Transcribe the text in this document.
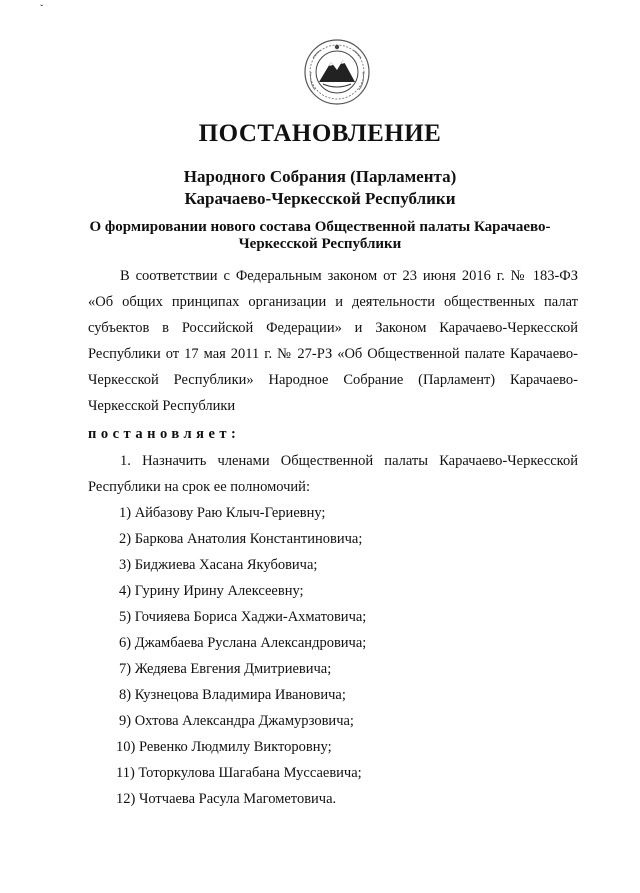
ˇ
ПОСТАНОВЛЕНИЕ
Народного Собрания (Парламента)
Карачаево-Черкесской Республики
О формировании нового состава Общественной палаты Карачаево-
Черкесской Республики
В соответствии с Федеральным законом от 23 июня 2016 г. № 183-ФЗ
«Об общих принципах организации и деятельности общественных палат
субъектов в Российской Федерации» и Законом Карачаево-Черкесской
Республики от 17 мая 2011 г. № 27-РЗ «Об Общественной палате Карачаево-
Черкесской Республики» Народное Собрание (Парламент) Карачаево-
Черкесской Республики
постановляет:
1. Назначить членами Общественной палаты Карачаево-Черкесской
Республики на срок ее полномочий:
1) Айбазову Раю Клыч-Гериевну;
2) Баркова Анатолия Константиновича;
3) Биджиева Хасана Якубовича;
4) Гурину Ирину Алексеевну;
5) Гочияева Бориса Хаджи-Ахматовича;
6) Джамбаева Руслана Александровича;
7) Жедяева Евгения Дмитриевича;
8) Кузнецова Владимира Ивановича;
9) Охтова Александра Джамурзовича;
10) Ревенко Людмилу Викторовну;
11) Тоторкулова Шагабана Муссаевича;
12) Чотчаева Расула Магометовича.
